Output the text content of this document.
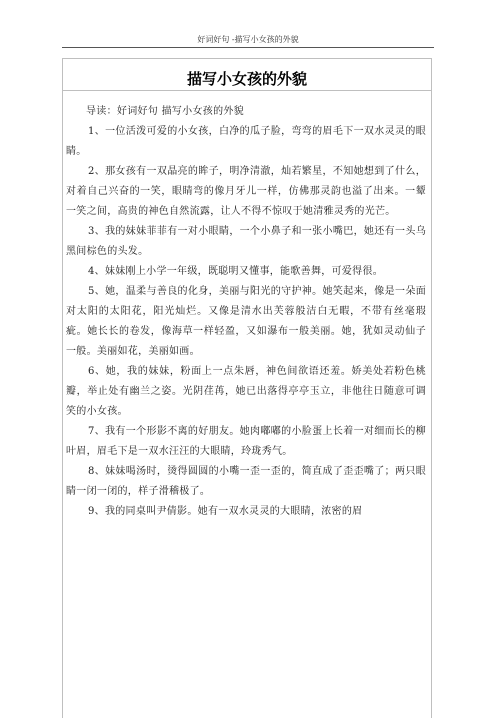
好词好句 -描写小女孩的外貌
描写小女孩的外貌

导读：好词好句 描写小女孩的外貌

1、一位活泼可爱的小女孩，白净的瓜子脸，弯弯的眉毛下一双水灵灵的眼睛。

2、那女孩有一双晶亮的眸子，明净清澈，灿若繁星，不知她想到了什么，对着自己兴奋的一笑，眼睛弯的像月牙儿一样，仿佛那灵韵也溢了出来。一颦一笑之间，高贵的神色自然流露，让人不得不惊叹于她清雅灵秀的光芒。

3、我的妹妹菲菲有一对小眼睛，一个小鼻子和一张小嘴巴，她还有一头乌黑间棕色的头发。

4、妹妹刚上小学一年级，既聪明又懂事，能歌善舞，可爱得很。

5、她，温柔与善良的化身，美丽与阳光的守护神。她笑起来，像是一朵面对太阳的太阳花，阳光灿烂。又像是清水出芙蓉般洁白无暇，不带有丝毫瑕疵。她长长的卷发，像海草一样轻盈，又如瀑布一般美丽。她，犹如灵动仙子一般。美丽如花，美丽如画。

6、她，我的妹妹，粉面上一点朱唇，神色间欲语还羞。娇美处若粉色桃瓣，举止处有幽兰之姿。光阴荏苒，她已出落得亭亭玉立，非他往日随意可调笑的小女孩。

7、我有一个形影不离的好朋友。她肉嘟嘟的小脸蛋上长着一对细而长的柳叶眉，眉毛下是一双水汪汪的大眼睛，玲珑秀气。

8、妹妹喝汤时，烫得圆圆的小嘴一歪一歪的，简直成了歪歪嘴了；两只眼睛一闭一闭的，样子滑稽极了。

9、我的同桌叫尹倩影。她有一双水灵灵的大眼睛，浓密的眉
